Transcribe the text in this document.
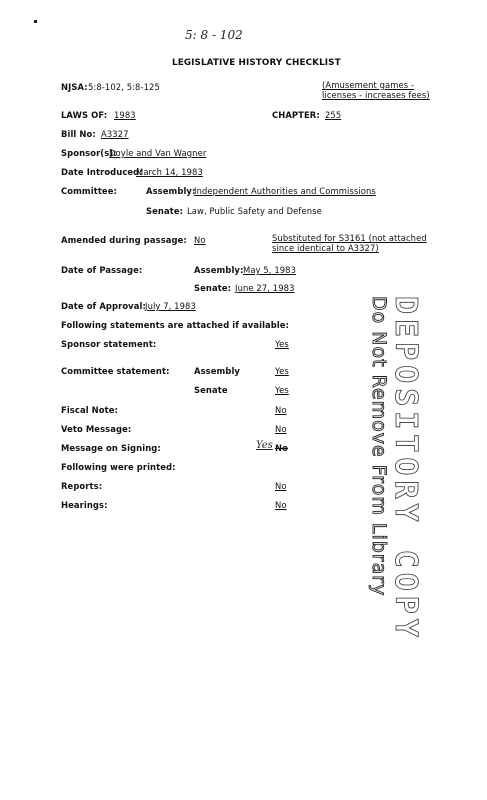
5: 8 - 102
LEGISLATIVE HISTORY CHECKLIST
NJSA: 5:8-102, 5:8-125	(Amusement games -
licenses - increases fees)
LAWS OF: 1983	CHAPTER: 255
Bill No: A3327
Sponsor(s):
Doyle and Van Wagner
Date Introduced:
March 14, 1983
Committee:	Assembly:
Independent Authorities and Commissions
Senate: Law, Public Safety and Defense
Amended during passage: No	Substituted for S3161 (not attached
since identical to A3327)
Date of Passage:	Assembly: May 5, 1983
Senate: June 27, 1983
Date of Approval: July 7, 1983
Following statements are attached if available:
Sponsor statement:	Yes
Committee statement:	Assembly	Yes
Senate	Yes
Fiscal Note:	No
Veto Message:	No
Message on Signing:	Yes No
Following were printed:
Reports:	No
Hearings:	No	DEPOSITORY COPY
Do Not Remove From Library
